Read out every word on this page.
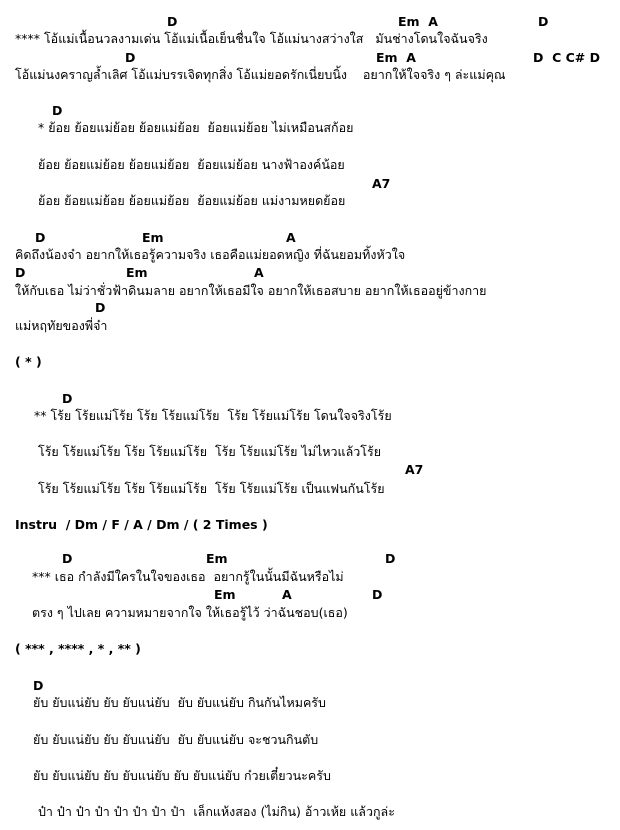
D	Em  A	D
**** โอ้แม่เนื้อนวลงามเด่น โอ้แม่เนื้อเย็นชื่นใจ โอ้แม่นางสว่างใส   มันช่างโดนใจฉันจริง
D	Em  A	D  C C# D
โอ้แม่นงคราญล้ำเลิศ โอ้แม่บรรเจิดทุกสิ่ง โอ้แม่ยอดรักเนี่ยบนิ้ง    อยากให้ใจจริง ๆ ล่ะแม่คุณ
D
* ย้อย ย้อยแม่ย้อย ย้อยแม่ย้อย  ย้อยแม่ย้อย ไม่เหมือนสก้อย
ย้อย ย้อยแม่ย้อย ย้อยแม่ย้อย  ย้อยแม่ย้อย นางฟ้าองค์น้อย
A7
ย้อย ย้อยแม่ย้อย ย้อยแม่ย้อย  ย้อยแม่ย้อย แม่งามหยดย้อย
D	Em	A
คิดถึงน้องจ๋า อยากให้เธอรู้ความจริง เธอคือแม่ยอดหญิง ที่ฉันยอมทิ้งหัวใจ
D	Em	A
ให้กับเธอ ไม่ว่าชั่วฟ้าดินมลาย อยากให้เธอมีใจ อยากให้เธอสบาย อยากให้เธออยู่ข้างกาย
D
แม่หฤทัยของพี่จ๋า
( * )
D
** โร้ย โร้ยแม่โร้ย โร้ย โร้ยแม่โร้ย  โร้ย โร้ยแม่โร้ย โดนใจจริงโร้ย
โร้ย โร้ยแม่โร้ย โร้ย โร้ยแม่โร้ย  โร้ย โร้ยแม่โร้ย ไม่ไหวแล้วโร้ย
A7
โร้ย โร้ยแม่โร้ย โร้ย โร้ยแม่โร้ย  โร้ย โร้ยแม่โร้ย เป็นแฟนกันโร้ย
Instru  / Dm / F / A / Dm / ( 2 Times )
D	Em	D
*** เธอ กำลังมีใครในใจของเธอ  อยากรู้ในนั้นมีฉันหรือไม่
Em	A	D
ตรง ๆ ไปเลย ความหมายจากใจ ให้เธอรู้ไว้ ว่าฉันชอบ(เธอ)
( *** , **** , * , ** )
D
ยับ ยับแน่ยับ ยับ ยับแน่ยับ  ยับ ยับแน่ยับ กินกันไหมครับ
ยับ ยับแน่ยับ ยับ ยับแน่ยับ  ยับ ยับแน่ยับ จะชวนกินตับ
ยับ ยับแน่ยับ ยับ ยับแน่ยับ ยับ ยับแน่ยับ ก๋วยเตี๋ยวนะครับ
ป๋า ป๋า ป๋า ป๋า ป๋า ป๋า ป๋า ป๋า  เล็กแห้งสอง (ไม่กิน) อ้าวเห้ย แล้วกูล่ะ
